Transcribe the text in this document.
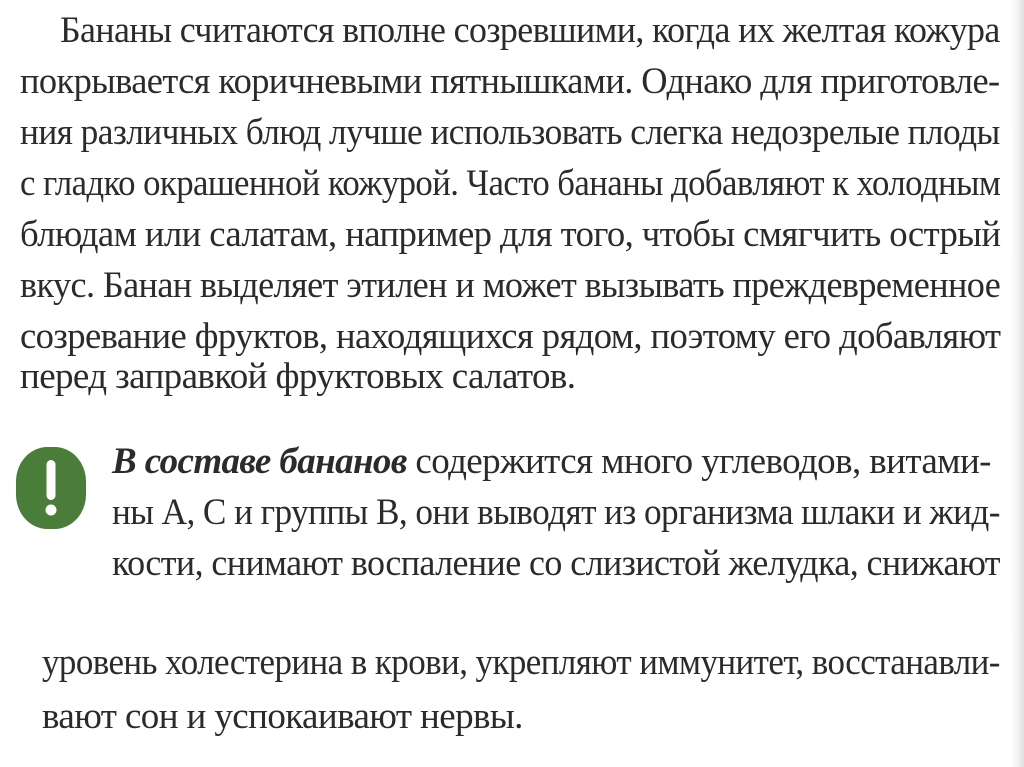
Бананы считаются вполне созревшими, когда их желтая кожура
покрывается коричневыми пятнышками. Однако для приготовле-
ния различных блюд лучше использовать слегка недозрелые плоды
с гладко окрашенной кожурой. Часто бананы добавляют к холодным
блюдам или салатам, например для того, чтобы смягчить острый
вкус. Банан выделяет этилен и может вызывать преждевременное
созревание фруктов, находящихся рядом, поэтому его добавляют
перед заправкой фруктовых салатов.
В составе бананов содержится много углеводов, витами-
ны А, С и группы В, они выводят из организма шлаки и жид-
кости, снимают воспаление со слизистой желудка, снижают
уровень холестерина в крови, укрепляют иммунитет, восстанавли-
вают сон и успокаивают нервы.
